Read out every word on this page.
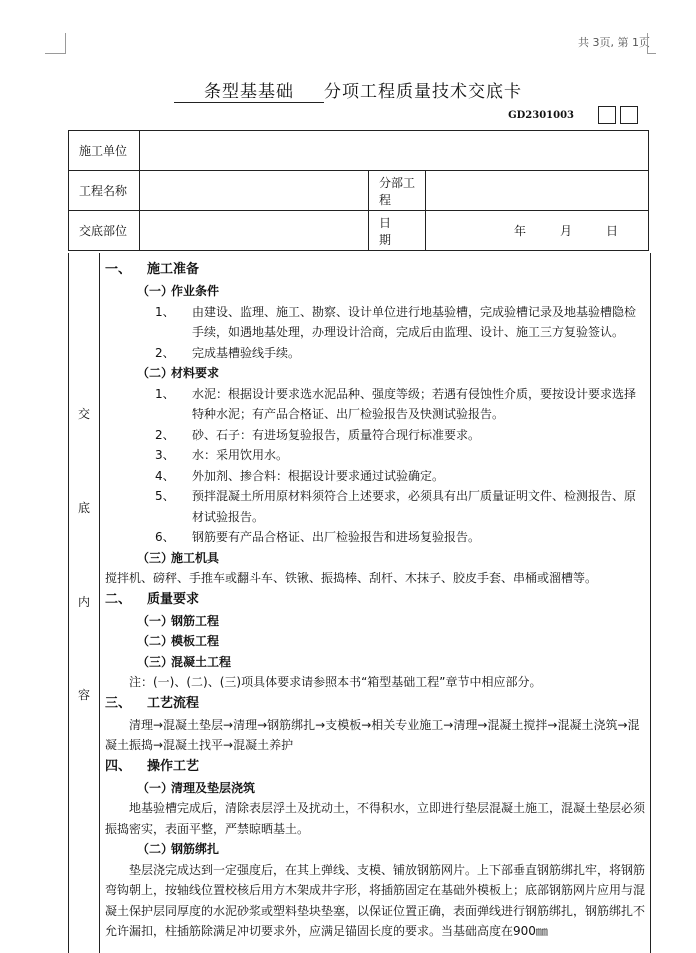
共 3页, 第 1页
条型基基础 分项工程质量技术交底卡
GD2301003
施工单位			
工程名称		分部工程	
交底部位		日　　期	年 月 日
交
底
内
容
一、 施工准备
（一）作业条件
1、	由建设、监理、施工、勘察、设计单位进行地基验槽，完成验槽记录及地基验槽隐检手续，如遇地基处理，办理设计洽商，完成后由监理、设计、施工三方复验签认。
2、	完成基槽验线手续。
（二）材料要求
1、	水泥：根据设计要求选水泥品种、强度等级；若遇有侵蚀性介质，要按设计要求选择特种水泥；有产品合格证、出厂检验报告及快测试验报告。
2、	砂、石子：有进场复验报告，质量符合现行标准要求。
3、	水：采用饮用水。
4、	外加剂、掺合料：根据设计要求通过试验确定。
5、	预拌混凝土所用原材料须符合上述要求，必须具有出厂质量证明文件、检测报告、原材试验报告。
6、	钢筋要有产品合格证、出厂检验报告和进场复验报告。
（三）施工机具
搅拌机、磅秤、手推车或翻斗车、铁锹、振捣棒、刮杆、木抹子、胶皮手套、串桶或溜槽等。
二、 质量要求
（一）钢筋工程
（二）模板工程
（三）混凝土工程
注：(一)、(二)、(三)项具体要求请参照本书“箱型基础工程”章节中相应部分。
三、 工艺流程
清理→混凝土垫层→清理→钢筋绑扎→支模板→相关专业施工→清理→混凝土搅拌→混凝土浇筑→混凝土振捣→混凝土找平→混凝土养护
四、 操作工艺
（一）清理及垫层浇筑
地基验槽完成后，清除表层浮土及扰动土，不得积水，立即进行垫层混凝土施工，混凝土垫层必须振捣密实，表面平整，严禁晾晒基土。
（二）钢筋绑扎
垫层浇完成达到一定强度后，在其上弹线、支模、铺放钢筋网片。上下部垂直钢筋绑扎牢，将钢筋弯钩朝上，按轴线位置校核后用方木架成井字形，将插筋固定在基础外模板上；底部钢筋网片应用与混凝土保护层同厚度的水泥砂浆或塑料垫块垫塞，以保证位置正确，表面弹线进行钢筋绑扎，钢筋绑扎不允许漏扣，柱插筋除满足冲切要求外，应满足锚固长度的要求。当基础高度在900㎜
